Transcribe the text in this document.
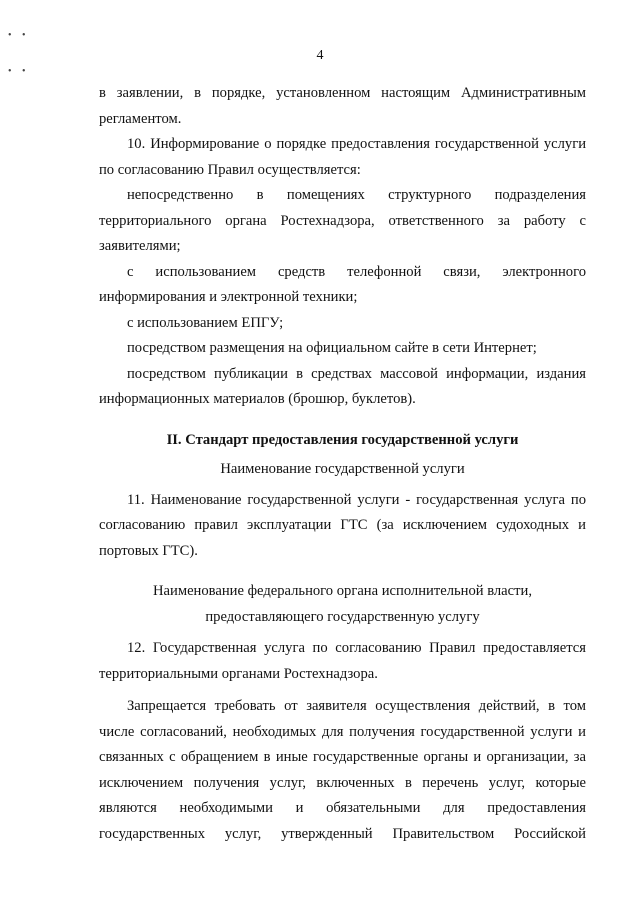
• •
• •
4

в заявлении, в порядке, установленном настоящим Административным регламентом.

10. Информирование о порядке предоставления государственной услуги по согласованию Правил осуществляется:

непосредственно в помещениях структурного подразделения территориального органа Ростехнадзора, ответственного за работу с заявителями;

с использованием средств телефонной связи, электронного информирования и электронной техники;

с использованием ЕПГУ;

посредством размещения на официальном сайте в сети Интернет;

посредством публикации в средствах массовой информации, издания информационных материалов (брошюр, буклетов).

II. Стандарт предоставления государственной услуги

Наименование государственной услуги

11. Наименование государственной услуги - государственная услуга по согласованию правил эксплуатации ГТС (за исключением судоходных и портовых ГТС).

Наименование федерального органа исполнительной власти,
предоставляющего государственную услугу

12. Государственная услуга по согласованию Правил предоставляется территориальными органами Ростехнадзора.

Запрещается требовать от заявителя осуществления действий, в том числе согласований, необходимых для получения государственной услуги и связанных с обращением в иные государственные органы и организации, за исключением получения услуг, включенных в перечень услуг, которые являются необходимыми и обязательными для предоставления государственных услуг, утвержденный Правительством Российской
